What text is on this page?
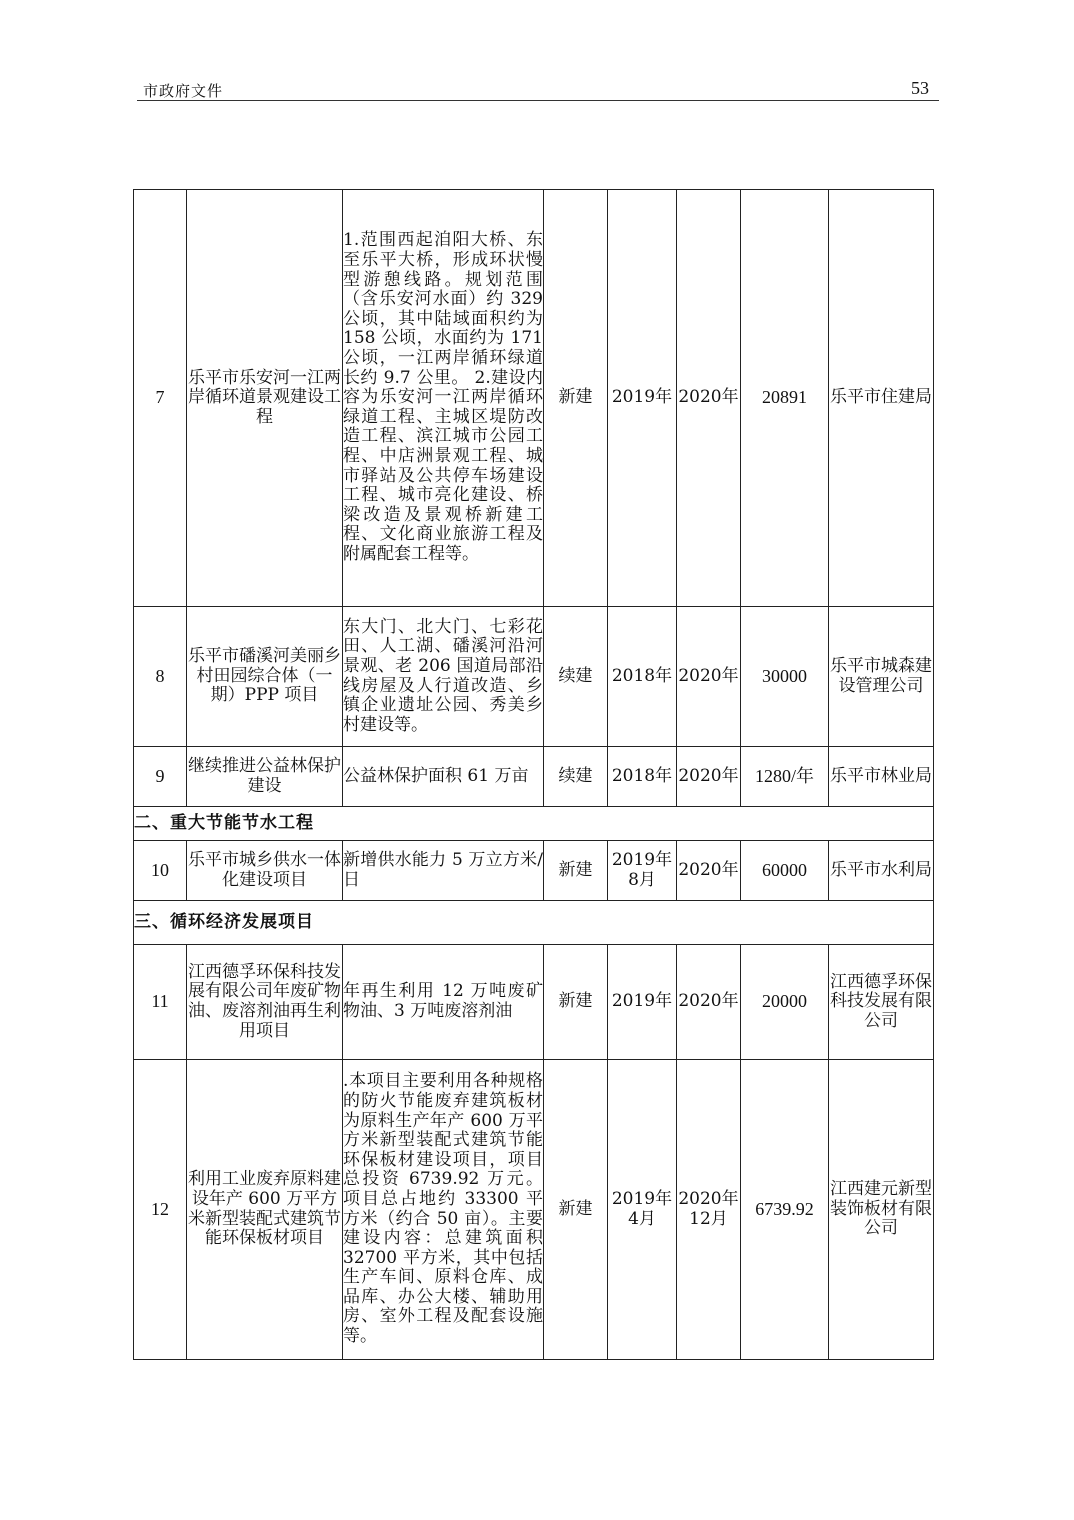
市政府文件	53
7	乐平市乐安河一江两岸循环道景观建设工程	1.范围西起洎阳大桥、东至乐平大桥，形成环状慢型游憩线路。规划范围（含乐安河水面）约 329 公顷，其中陆域面积约为 158 公顷，水面约为 171 公顷，一江两岸循环绿道长约 9.7 公里。 2.建设内容为乐安河一江两岸循环绿道工程、主城区堤防改造工程、滨江城市公园工程、中店洲景观工程、城市驿站及公共停车场建设工程、城市亮化建设、桥梁改造及景观桥新建工程、文化商业旅游工程及附属配套工程等。	新建	2019年	2020年	20891	乐平市住建局
8	乐平市磻溪河美丽乡村田园综合体（一期）PPP 项目	东大门、北大门、七彩花田、人工湖、磻溪河沿河景观、老 206 国道局部沿线房屋及人行道改造、乡镇企业遗址公园、秀美乡村建设等。	续建	2018年	2020年	30000	乐平市城森建设管理公司
9	继续推进公益林保护建设	公益林保护面积 61 万亩	续建	2018年	2020年	1280/年	乐平市林业局
二、重大节能节水工程							
10	乐平市城乡供水一体化建设项目	新增供水能力 5 万立方米/日	新建	2019年 8月	2020年	60000	乐平市水利局
三、循环经济发展项目							
11	江西德孚环保科技发展有限公司年废矿物油、废溶剂油再生利用项目	年再生利用 12 万吨废矿物油、3 万吨废溶剂油	新建	2019年	2020年	20000	江西德孚环保科技发展有限公司
12	利用工业废弃原料建设年产 600 万平方米新型装配式建筑节能环保板材项目	.本项目主要利用各种规格的防火节能废弃建筑板材为原料生产年产 600 万平方米新型装配式建筑节能环保板材建设项目，项目总投资 6739.92 万元。项目总占地约 33300 平方米（约合 50 亩）。主要建设内容：总建筑面积 32700 平方米，其中包括生产车间、原料仓库、成品库、办公大楼、辅助用房、室外工程及配套设施等。	新建	2019年 4月	2020年 12月	6739.92	江西建元新型装饰板材有限公司
